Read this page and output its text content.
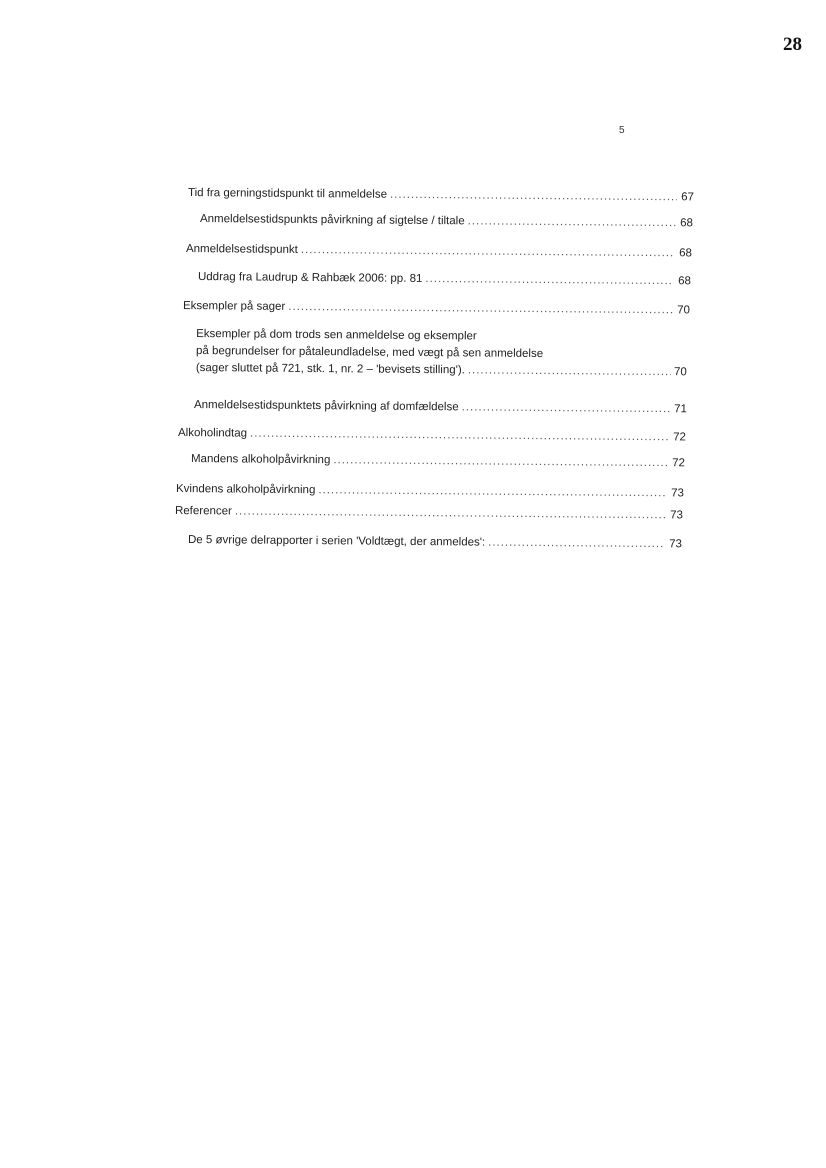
28
5
Tid fra gerningstidspunkt til anmeldelse .....	67
Anmeldelsestidspunkts påvirkning af sigtelse / tiltale .....	68
Anmeldelsestidspunkt .....	68
Uddrag fra Laudrup & Rahbæk 2006: pp. 81 .....	68
Eksempler på sager .....	70
Eksempler på dom trods sen anmeldelse og eksempler
på begrundelser for påtaleundladelse, med vægt på sen anmeldelse
(sager sluttet på 721, stk. 1, nr. 2 – 'bevisets stilling'). .....	70
Anmeldelsestidspunktets påvirkning af domfældelse .....	71
Alkoholindtag .....	72
Mandens alkoholpåvirkning .....	72
Kvindens alkoholpåvirkning .....	73
Referencer .....	73
De 5 øvrige delrapporter i serien 'Voldtægt, der anmeldes': .....	73
